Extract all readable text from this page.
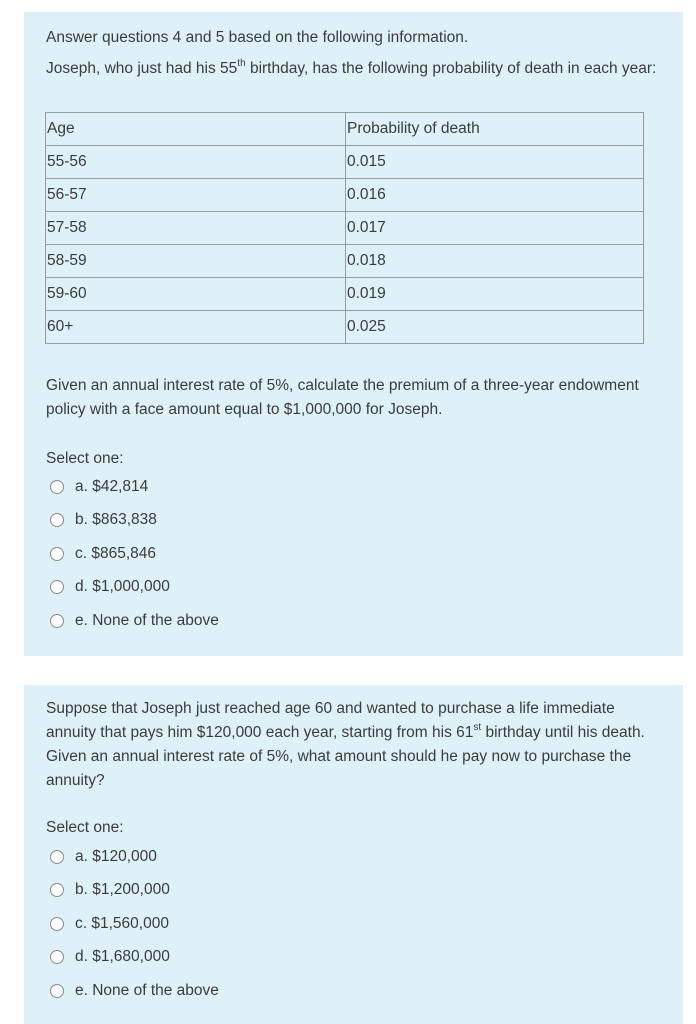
Answer questions 4 and 5 based on the following information.

Joseph, who just had his 55th birthday, has the following probability of death in each year:

Age	Probability of death
55-56	0.015
56-57	0.016
57-58	0.017
58-59	0.018
59-60	0.019
60+	0.025

Given an annual interest rate of 5%, calculate the premium of a three-year endowment policy with a face amount equal to $1,000,000 for Joseph.

Select one:
a. $42,814
b. $863,838
c. $865,846
d. $1,000,000
e. None of the above

Suppose that Joseph just reached age 60 and wanted to purchase a life immediate annuity that pays him $120,000 each year, starting from his 61st birthday until his death. Given an annual interest rate of 5%, what amount should he pay now to purchase the annuity?

Select one:
a. $120,000
b. $1,200,000
c. $1,560,000
d. $1,680,000
e. None of the above
